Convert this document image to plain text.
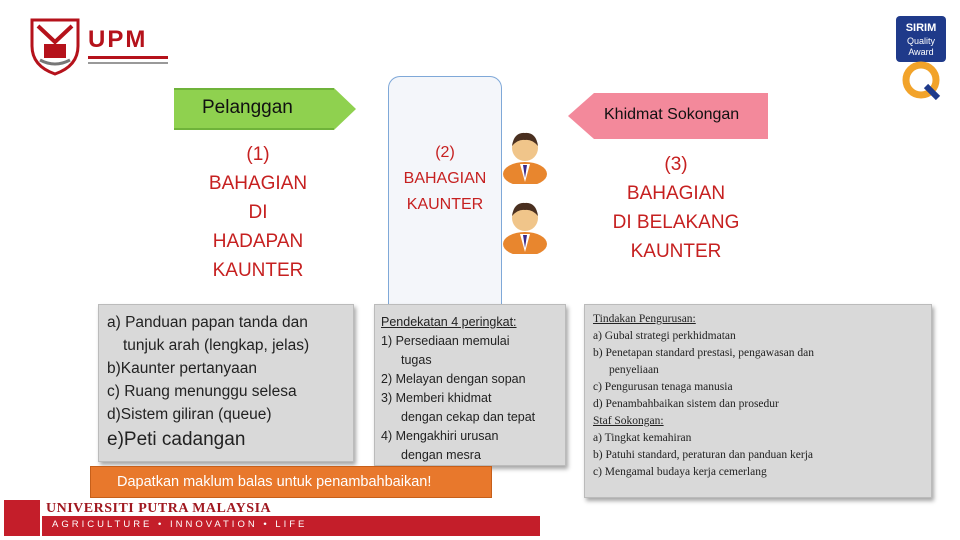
UPM	SIRIM
Quality
Award
Pelanggan	Khidmat Sokongan
(1)
BAHAGIAN
DI
HADAPAN
KAUNTER
(2)
BAHAGIAN
KAUNTER
(3)
BAHAGIAN
DI BELAKANG
KAUNTER
a) Panduan papan tanda dan
tunjuk arah (lengkap, jelas)
b)Kaunter pertanyaan
c) Ruang menunggu selesa
d)Sistem giliran (queue)
e)Peti cadangan
Pendekatan 4 peringkat:
1) Persediaan memulai
tugas
2) Melayan dengan sopan
3) Memberi khidmat
dengan cekap dan tepat
4) Mengakhiri urusan
dengan mesra
Tindakan Pengurusan:
a) Gubal strategi perkhidmatan
b) Penetapan standard prestasi, pengawasan dan
penyeliaan
c) Pengurusan tenaga manusia
d) Penambahbaikan sistem dan prosedur
Staf Sokongan:
a) Tingkat kemahiran
b) Patuhi standard, peraturan dan panduan kerja
c) Mengamal budaya kerja cemerlang
Dapatkan maklum balas untuk penambahbaikan!
UNIVERSITI PUTRA MALAYSIA
AGRICULTURE • INNOVATION • LIFE
